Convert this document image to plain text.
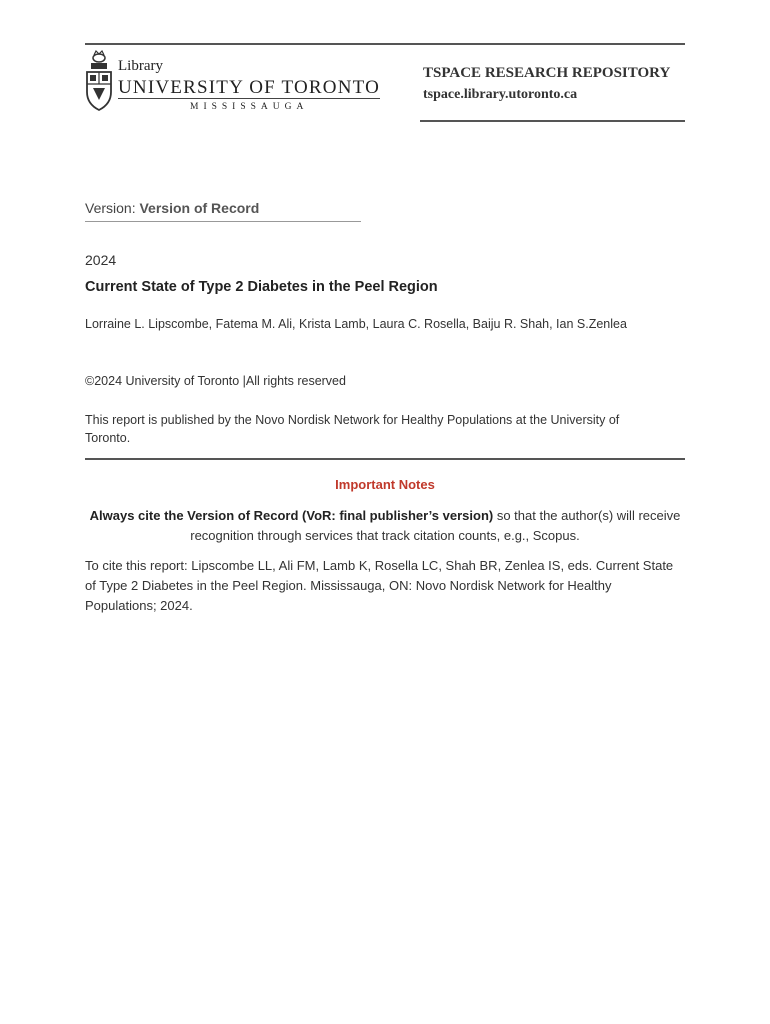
Library
UNIVERSITY OF TORONTO
MISSISSAUGA
TSPACE RESEARCH REPOSITORY
tspace.library.utoronto.ca
Version: Version of Record
2024
Current State of Type 2 Diabetes in the Peel Region
Lorraine L. Lipscombe, Fatema M. Ali, Krista Lamb, Laura C. Rosella, Baiju R. Shah, Ian S.Zenlea
©2024 University of Toronto |All rights reserved
This report is published by the Novo Nordisk Network for Healthy Populations at the University of Toronto.
Important Notes
Always cite the Version of Record (VoR: final publisher’s version) so that the author(s) will receive recognition through services that track citation counts, e.g., Scopus.
To cite this report: Lipscombe LL, Ali FM, Lamb K, Rosella LC, Shah BR, Zenlea IS, eds. Current State of Type 2 Diabetes in the Peel Region. Mississauga, ON: Novo Nordisk Network for Healthy Populations; 2024.
